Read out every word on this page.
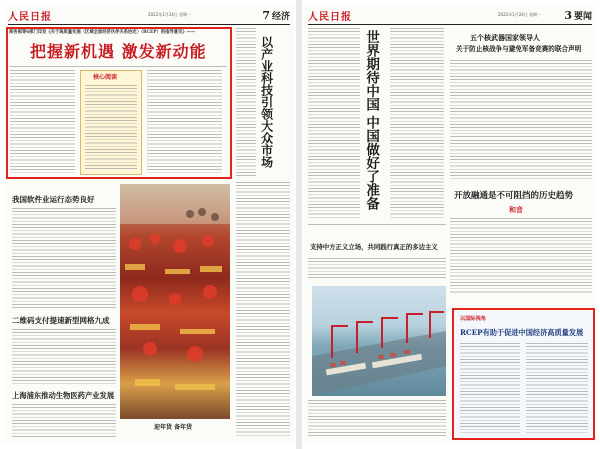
人民日报	2022年1月24日 星期一	7 经济
商务部等6部门印发《关于高质量实施〈区域全面经济伙伴关系协定〉（RCEP）的指导意见》——
把握新机遇 激发新动能
核心阅读	以产业科技引领大众市场
我国软件业运行态势良好
二维码支付提速新型网格九成
上海浦东推动生物医药产业发展
迎年货 备年货
人民日报	2022年1月24日 星期一 3 要闻
世界期待中国 中国做好了准备	五个核武器国家领导人
关于防止核战争与避免军备竞赛的联合声明
开放融通是不可阻挡的历史趋势
和音
支持中方正义立场，共同践行真正的多边主义
以国际视角
RCEP有助于促进中国经济高质量发展
